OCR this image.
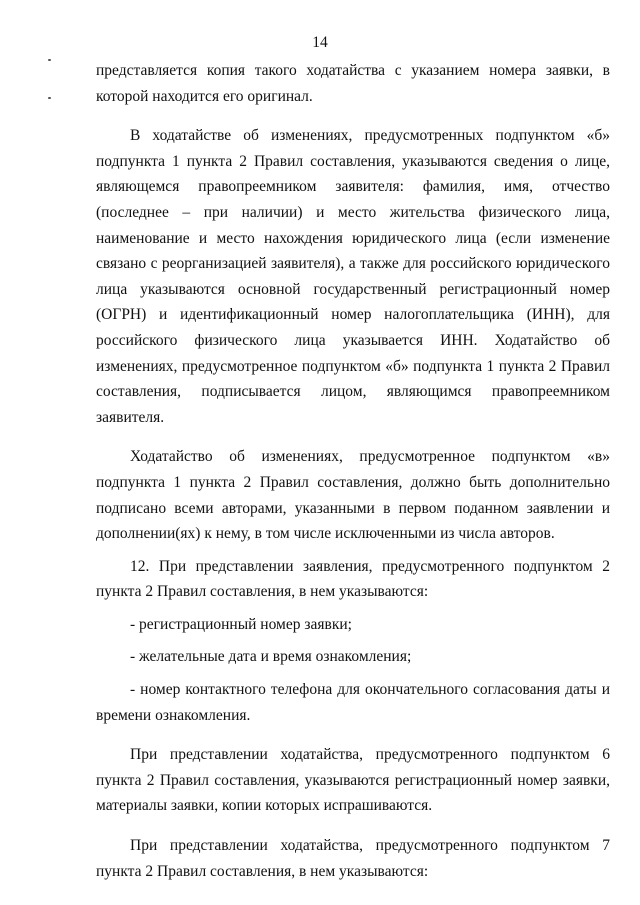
14

представляется копия такого ходатайства с указанием номера заявки, в которой находится его оригинал.

В ходатайстве об изменениях, предусмотренных подпунктом «б» подпункта 1 пункта 2 Правил составления, указываются сведения о лице, являющемся правопреемником заявителя: фамилия, имя, отчество (последнее – при наличии) и место жительства физического лица, наименование и место нахождения юридического лица (если изменение связано с реорганизацией заявителя), а также для российского юридического лица указываются основной государственный регистрационный номер (ОГРН) и идентификационный номер налогоплательщика (ИНН), для российского физического лица указывается ИНН. Ходатайство об изменениях, предусмотренное подпунктом «б» подпункта 1 пункта 2 Правил составления, подписывается лицом, являющимся правопреемником заявителя.

Ходатайство об изменениях, предусмотренное подпунктом «в» подпункта 1 пункта 2 Правил составления, должно быть дополнительно подписано всеми авторами, указанными в первом поданном заявлении и дополнении(ях) к нему, в том числе исключенными из числа авторов.

12. При представлении заявления, предусмотренного подпунктом 2 пункта 2 Правил составления, в нем указываются:

- регистрационный номер заявки;

- желательные дата и время ознакомления;

- номер контактного телефона для окончательного согласования даты и времени ознакомления.

При представлении ходатайства, предусмотренного подпунктом 6 пункта 2 Правил составления, указываются регистрационный номер заявки, материалы заявки, копии которых испрашиваются.

При представлении ходатайства, предусмотренного подпунктом 7 пункта 2 Правил составления, в нем указываются:
